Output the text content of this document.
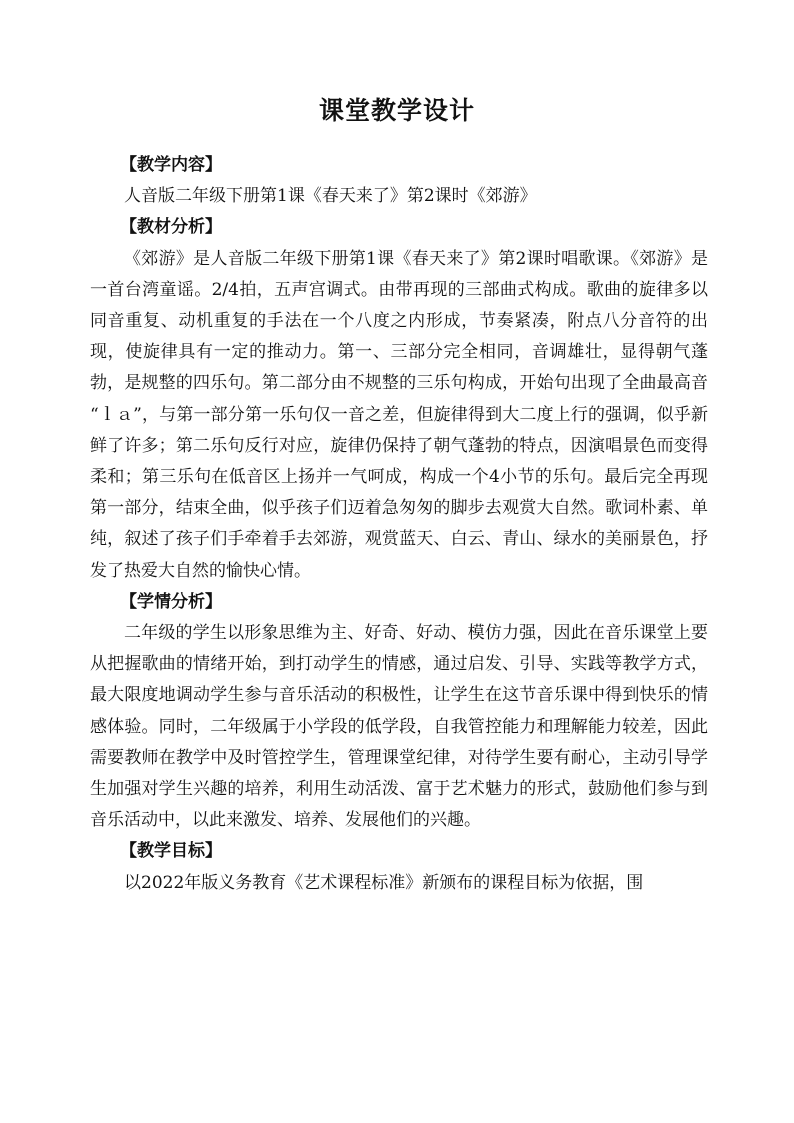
课堂教学设计
【教学内容】

人音版二年级下册第1课《春天来了》第2课时《郊游》

【教材分析】

《郊游》是人音版二年级下册第1课《春天来了》第2课时唱歌课。《郊游》是一首台湾童谣。2/4拍，五声宫调式。由带再现的三部曲式构成。歌曲的旋律多以同音重复、动机重复的手法在一个八度之内形成，节奏紧凑，附点八分音符的出现，使旋律具有一定的推动力。第一、三部分完全相同，音调雄壮，显得朝气蓬勃，是规整的四乐句。第二部分由不规整的三乐句构成，开始句出现了全曲最高音 “ｌａ”，与第一部分第一乐句仅一音之差，但旋律得到大二度上行的强调，似乎新鲜了许多；第二乐句反行对应，旋律仍保持了朝气蓬勃的特点，因演唱景色而变得柔和；第三乐句在低音区上扬并一气呵成，构成一个4小节的乐句。最后完全再现第一部分，结束全曲，似乎孩子们迈着急匆匆的脚步去观赏大自然。歌词朴素、单纯，叙述了孩子们手牵着手去郊游，观赏蓝天、白云、青山、绿水的美丽景色，抒发了热爱大自然的愉快心情。

【学情分析】

二年级的学生以形象思维为主、好奇、好动、模仿力强，因此在音乐课堂上要从把握歌曲的情绪开始，到打动学生的情感，通过启发、引导、实践等教学方式，最大限度地调动学生参与音乐活动的积极性，让学生在这节音乐课中得到快乐的情感体验。同时，二年级属于小学段的低学段，自我管控能力和理解能力较差，因此需要教师在教学中及时管控学生，管理课堂纪律，对待学生要有耐心，主动引导学生加强对学生兴趣的培养，利用生动活泼、富于艺术魅力的形式，鼓励他们参与到音乐活动中，以此来激发、培养、发展他们的兴趣。

【教学目标】

以2022年版义务教育《艺术课程标准》新颁布的课程目标为依据，围
